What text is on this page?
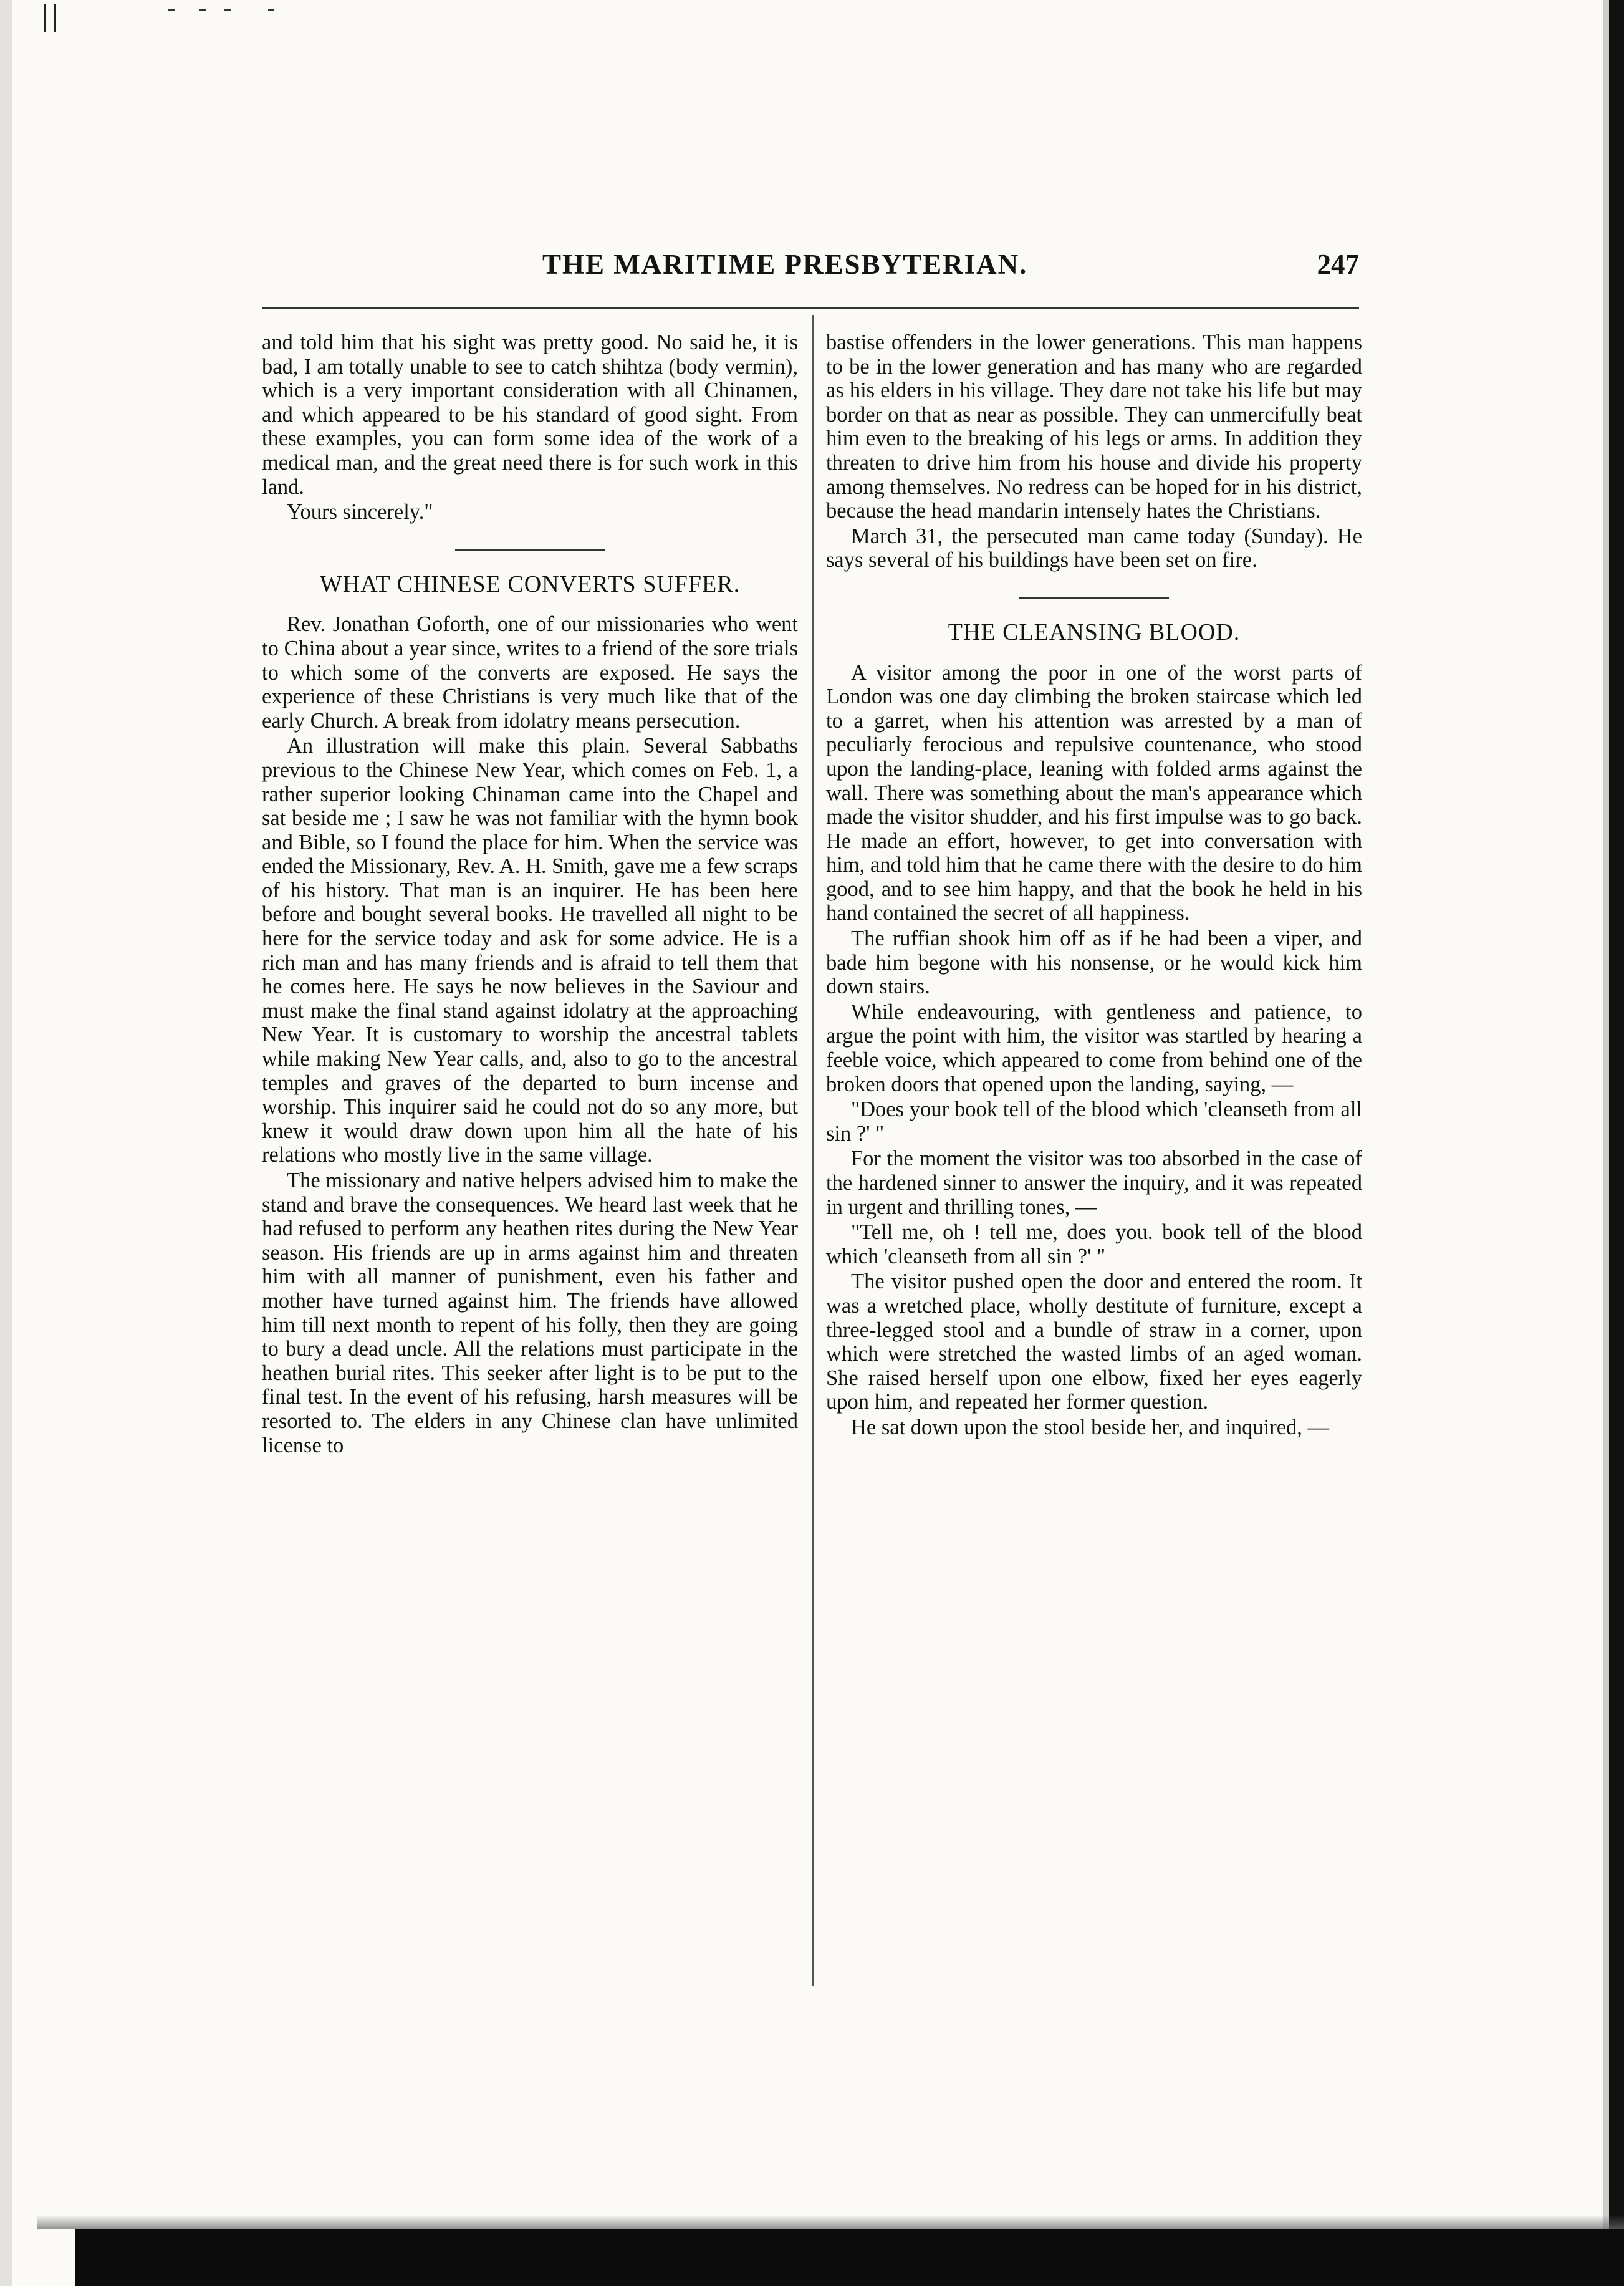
THE MARITIME PRESBYTERIAN.	247

and told him that his sight was pretty good. No said he, it is bad, I am totally unable to see to catch shihtza (body vermin), which is a very important consideration with all Chinamen, and which appeared to be his standard of good sight. From these examples, you can form some idea of the work of a medical man, and the great need there is for such work in this land.

Yours sincerely."

WHAT CHINESE CONVERTS SUFFER.

Rev. Jonathan Goforth, one of our missionaries who went to China about a year since, writes to a friend of the sore trials to which some of the converts are exposed. He says the experience of these Christians is very much like that of the early Church. A break from idolatry means persecution.

An illustration will make this plain. Several Sabbaths previous to the Chinese New Year, which comes on Feb. 1, a rather superior looking Chinaman came into the Chapel and sat beside me ; I saw he was not familiar with the hymn book and Bible, so I found the place for him. When the service was ended the Missionary, Rev. A. H. Smith, gave me a few scraps of his history. That man is an inquirer. He has been here before and bought several books. He travelled all night to be here for the service today and ask for some advice. He is a rich man and has many friends and is afraid to tell them that he comes here. He says he now believes in the Saviour and must make the final stand against idolatry at the approaching New Year. It is customary to worship the ancestral tablets while making New Year calls, and, also to go to the ancestral temples and graves of the departed to burn incense and worship. This inquirer said he could not do so any more, but knew it would draw down upon him all the hate of his relations who mostly live in the same village.

The missionary and native helpers advised him to make the stand and brave the consequences. We heard last week that he had refused to perform any heathen rites during the New Year season. His friends are up in arms against him and threaten him with all manner of punishment, even his father and mother have turned against him. The friends have allowed him till next month to repent of his folly, then they are going to bury a dead uncle. All the relations must participate in the heathen burial rites. This seeker after light is to be put to the final test. In the event of his refusing, harsh measures will be resorted to. The elders in any Chinese clan have unlimited license to

bastise offenders in the lower generations. This man happens to be in the lower generation and has many who are regarded as his elders in his village. They dare not take his life but may border on that as near as possible. They can unmercifully beat him even to the breaking of his legs or arms. In addition they threaten to drive him from his house and divide his property among themselves. No redress can be hoped for in his district, because the head mandarin intensely hates the Christians.

March 31, the persecuted man came today (Sunday). He says several of his buildings have been set on fire.

THE CLEANSING BLOOD.

A visitor among the poor in one of the worst parts of London was one day climbing the broken staircase which led to a garret, when his attention was arrested by a man of peculiarly ferocious and repulsive countenance, who stood upon the landing-place, leaning with folded arms against the wall. There was something about the man's appearance which made the visitor shudder, and his first impulse was to go back. He made an effort, however, to get into conversation with him, and told him that he came there with the desire to do him good, and to see him happy, and that the book he held in his hand contained the secret of all happiness.

The ruffian shook him off as if he had been a viper, and bade him begone with his nonsense, or he would kick him down stairs.

While endeavouring, with gentleness and patience, to argue the point with him, the visitor was startled by hearing a feeble voice, which appeared to come from behind one of the broken doors that opened upon the landing, saying, —

"Does your book tell of the blood which 'cleanseth from all sin ?' "

For the moment the visitor was too absorbed in the case of the hardened sinner to answer the inquiry, and it was repeated in urgent and thrilling tones, —

"Tell me, oh ! tell me, does you. book tell of the blood which 'cleanseth from all sin ?' "

The visitor pushed open the door and entered the room. It was a wretched place, wholly destitute of furniture, except a three-legged stool and a bundle of straw in a corner, upon which were stretched the wasted limbs of an aged woman. She raised herself upon one elbow, fixed her eyes eagerly upon him, and repeated her former question.

He sat down upon the stool beside her, and inquired, —
